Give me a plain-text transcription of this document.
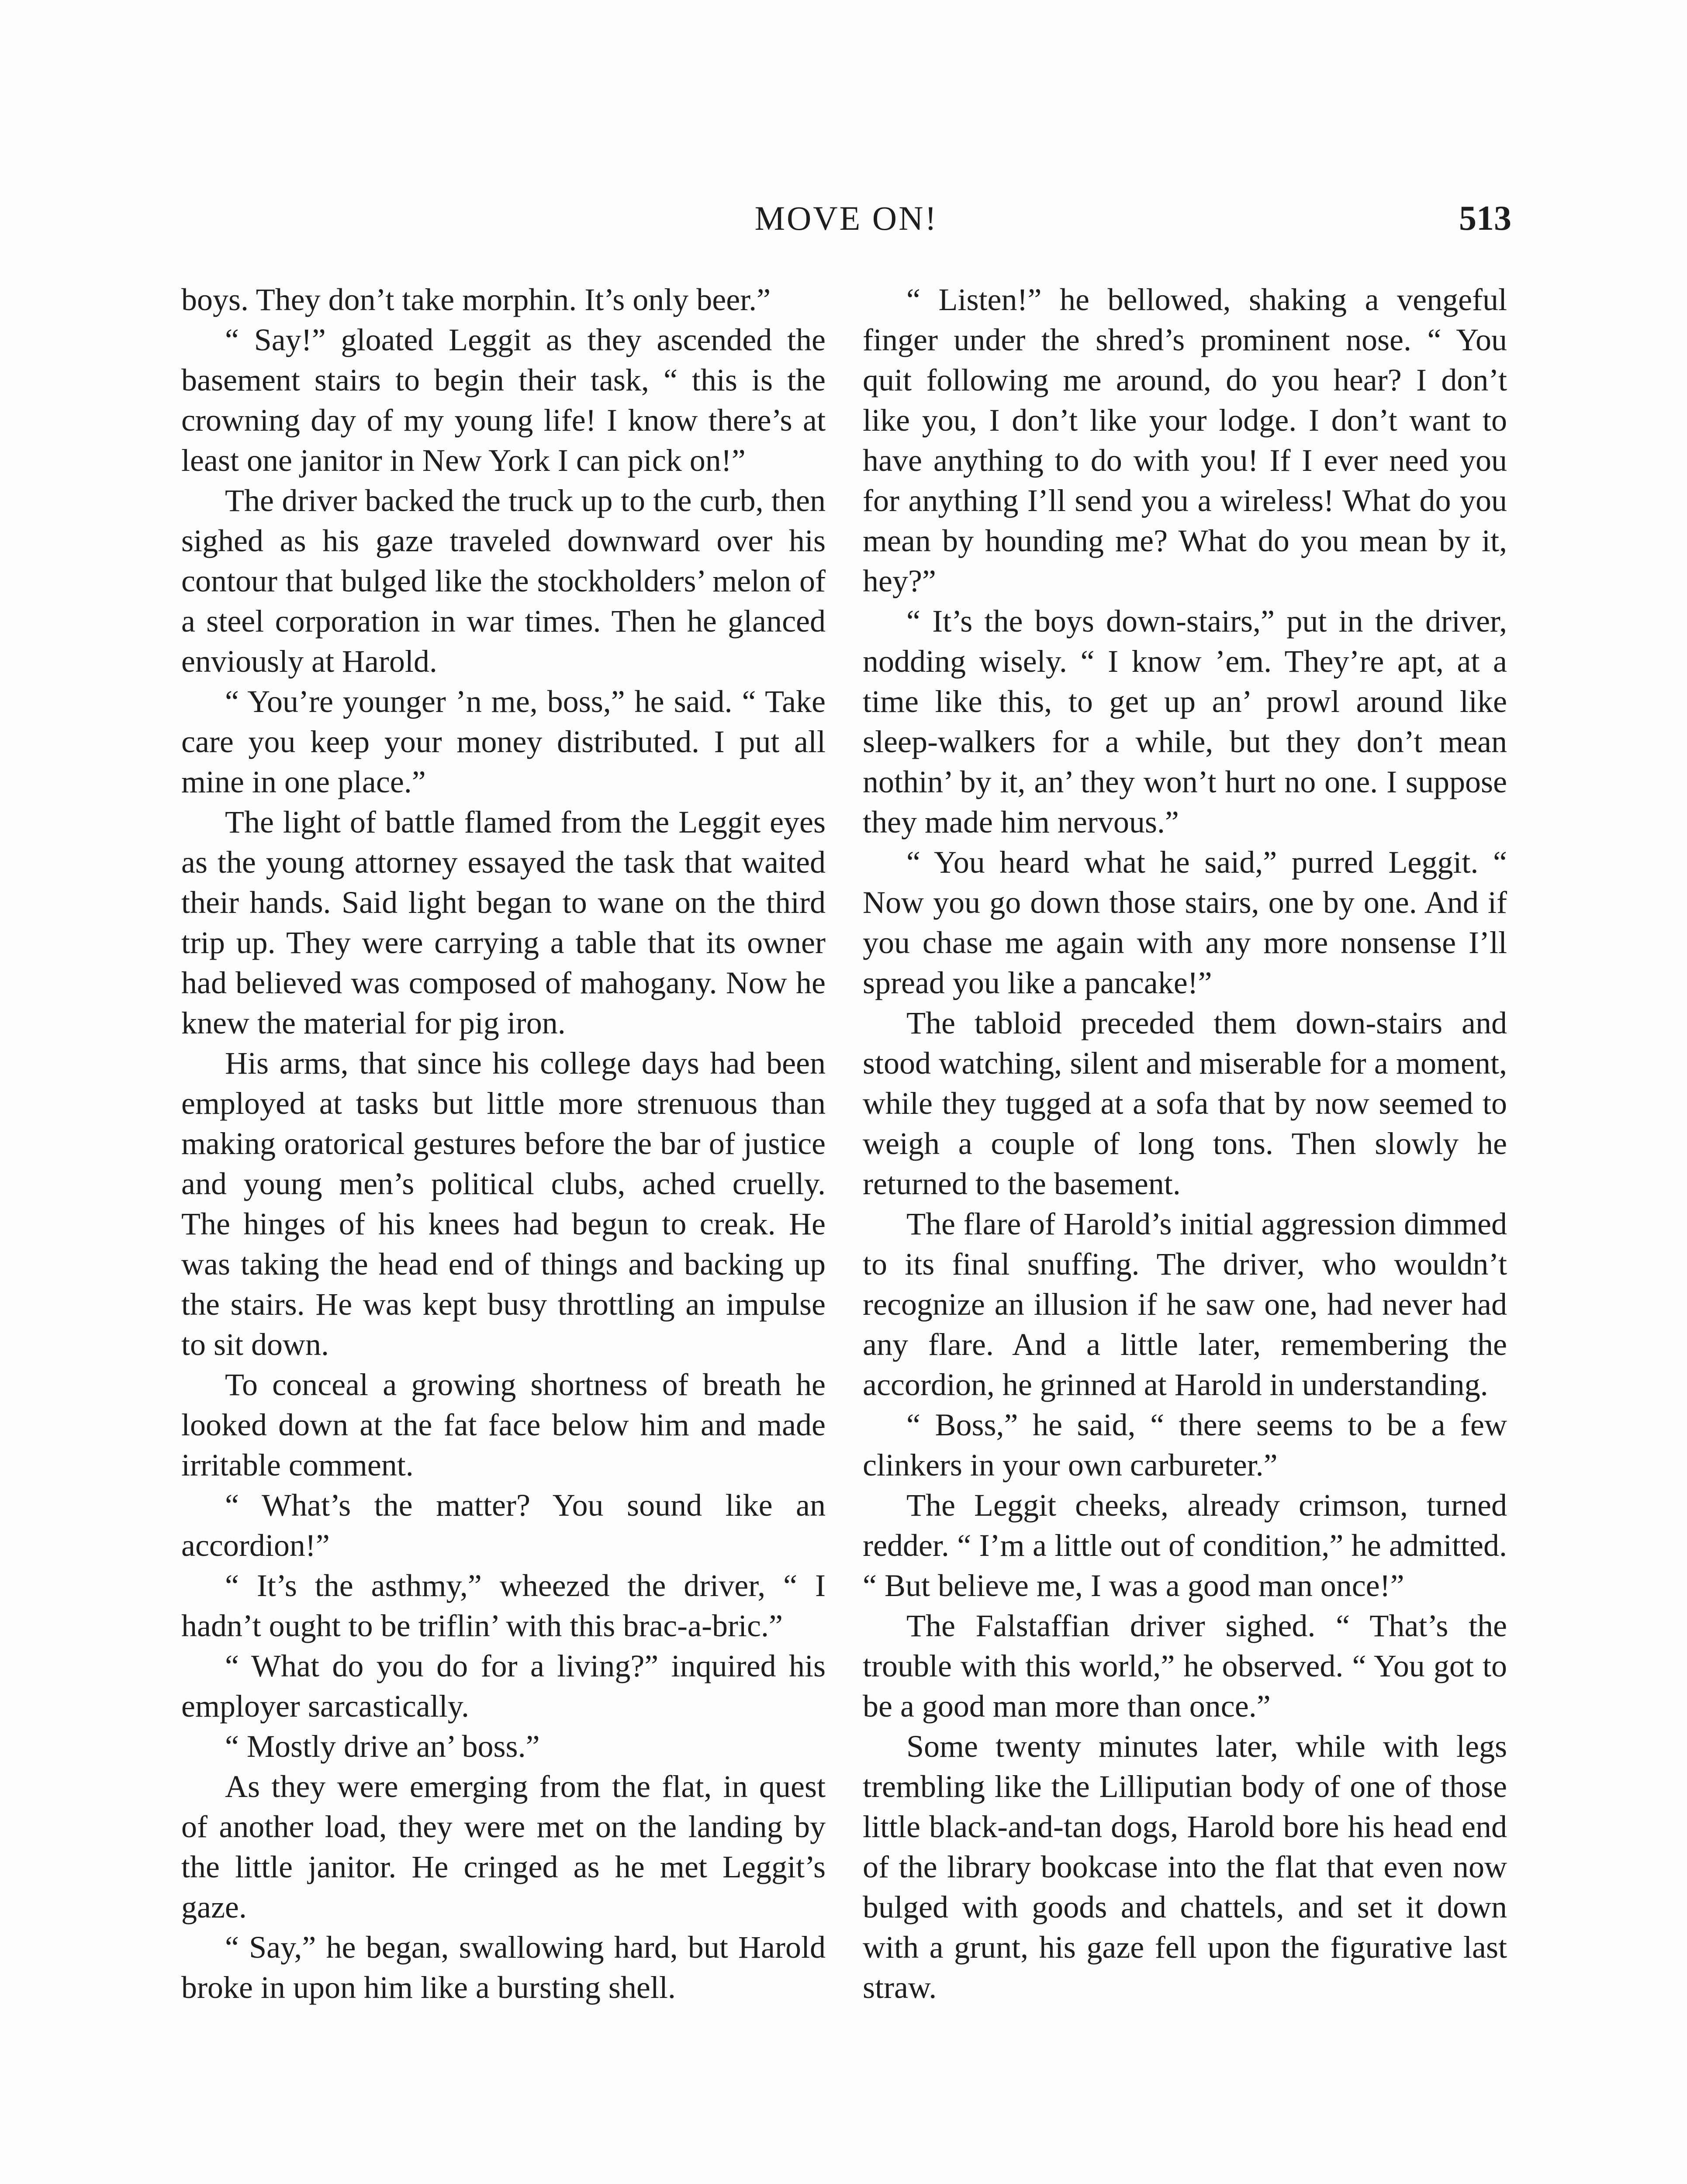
MOVE ON!	513

boys. They don’t take morphin. It’s only beer.”

“ Say!” gloated Leggit as they ascended the basement stairs to begin their task, “ this is the crowning day of my young life! I know there’s at least one janitor in New York I can pick on!”

The driver backed the truck up to the curb, then sighed as his gaze traveled downward over his contour that bulged like the stockholders’ melon of a steel corporation in war times. Then he glanced enviously at Harold.

“ You’re younger ’n me, boss,” he said. “ Take care you keep your money distributed. I put all mine in one place.”

The light of battle flamed from the Leggit eyes as the young attorney essayed the task that waited their hands. Said light began to wane on the third trip up. They were carrying a table that its owner had believed was composed of mahogany. Now he knew the material for pig iron.

His arms, that since his college days had been employed at tasks but little more strenuous than making oratorical gestures before the bar of justice and young men’s political clubs, ached cruelly. The hinges of his knees had begun to creak. He was taking the head end of things and backing up the stairs. He was kept busy throttling an impulse to sit down.

To conceal a growing shortness of breath he looked down at the fat face below him and made irritable comment.

“ What’s the matter? You sound like an accordion!”

“ It’s the asthmy,” wheezed the driver, “ I hadn’t ought to be triflin’ with this brac-a-bric.”

“ What do you do for a living?” inquired his employer sarcastically.

“ Mostly drive an’ boss.”

As they were emerging from the flat, in quest of another load, they were met on the landing by the little janitor. He cringed as he met Leggit’s gaze.

“ Say,” he began, swallowing hard, but Harold broke in upon him like a bursting shell.

“ Listen!” he bellowed, shaking a vengeful finger under the shred’s prominent nose. “ You quit following me around, do you hear? I don’t like you, I don’t like your lodge. I don’t want to have anything to do with you! If I ever need you for anything I’ll send you a wireless! What do you mean by hounding me? What do you mean by it, hey?”

“ It’s the boys down-stairs,” put in the driver, nodding wisely. “ I know ’em. They’re apt, at a time like this, to get up an’ prowl around like sleep-walkers for a while, but they don’t mean nothin’ by it, an’ they won’t hurt no one. I suppose they made him nervous.”

“ You heard what he said,” purred Leggit. “ Now you go down those stairs, one by one. And if you chase me again with any more nonsense I’ll spread you like a pancake!”

The tabloid preceded them down-stairs and stood watching, silent and miserable for a moment, while they tugged at a sofa that by now seemed to weigh a couple of long tons. Then slowly he returned to the basement.

The flare of Harold’s initial aggression dimmed to its final snuffing. The driver, who wouldn’t recognize an illusion if he saw one, had never had any flare. And a little later, remembering the accordion, he grinned at Harold in understanding.

“ Boss,” he said, “ there seems to be a few clinkers in your own carbureter.”

The Leggit cheeks, already crimson, turned redder. “ I’m a little out of condition,” he admitted. “ But believe me, I was a good man once!”

The Falstaffian driver sighed. “ That’s the trouble with this world,” he observed. “ You got to be a good man more than once.”

Some twenty minutes later, while with legs trembling like the Lilliputian body of one of those little black-and-tan dogs, Harold bore his head end of the library bookcase into the flat that even now bulged with goods and chattels, and set it down with a grunt, his gaze fell upon the figurative last straw.
